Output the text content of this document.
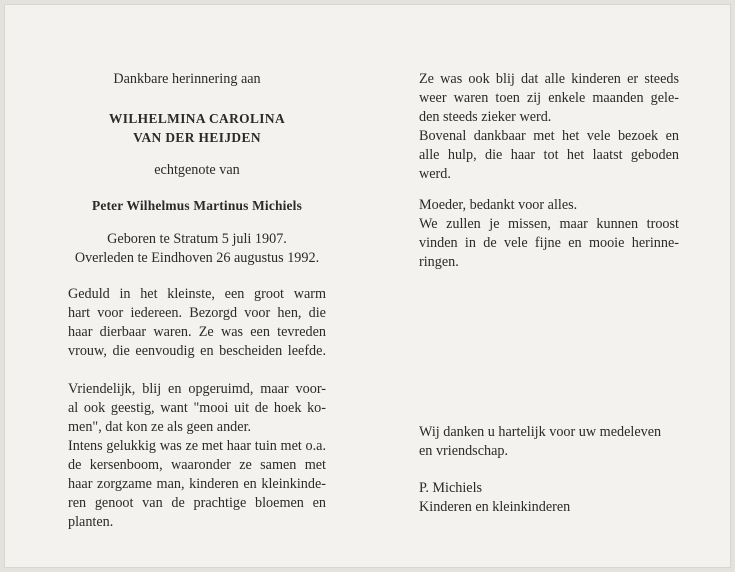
Dankbare herinnering aan
WILHELMINA CAROLINA
VAN DER HEIJDEN
echtgenote van
Peter Wilhelmus Martinus Michiels
Geboren te Stratum 5 juli 1907.
Overleden te Eindhoven 26 augustus 1992.
Geduld in het kleinste, een groot warm
hart voor iedereen. Bezorgd voor hen, die
haar dierbaar waren. Ze was een tevreden
vrouw, die eenvoudig en bescheiden leefde.
Vriendelijk, blij en opgeruimd, maar voor-
al ook geestig, want "mooi uit de hoek ko-
men", dat kon ze als geen ander.
Intens gelukkig was ze met haar tuin met o.a.
de kersenboom, waaronder ze samen met
haar zorgzame man, kinderen en kleinkinde-
ren genoot van de prachtige bloemen en
planten.
Ze was ook blij dat alle kinderen er steeds
weer waren toen zij enkele maanden gele-
den steeds zieker werd.
Bovenal dankbaar met het vele bezoek en
alle hulp, die haar tot het laatst geboden
werd.
Moeder, bedankt voor alles.
We zullen je missen, maar kunnen troost
vinden in de vele fijne en mooie herinne-
ringen.
Wij danken u hartelijk voor uw medeleven
en vriendschap.
P. Michiels
Kinderen en kleinkinderen
